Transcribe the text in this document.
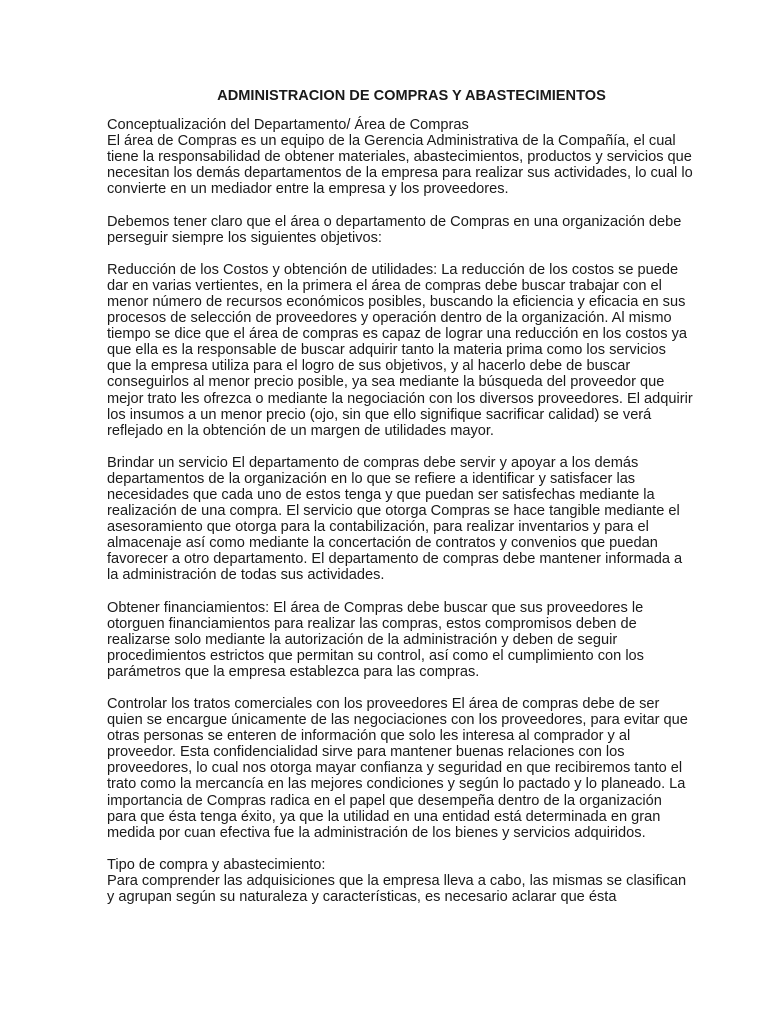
ADMINISTRACION DE COMPRAS Y ABASTECIMIENTOS
Conceptualización del Departamento/ Área de Compras
El área de Compras es un equipo de la Gerencia Administrativa de la Compañía, el cual
tiene la responsabilidad de obtener materiales, abastecimientos, productos y servicios que
necesitan los demás departamentos de la empresa para realizar sus actividades, lo cual lo
convierte en un mediador entre la empresa y los proveedores.
Debemos tener claro que el área o departamento de Compras en una organización debe
perseguir siempre los siguientes objetivos:
Reducción de los Costos y obtención de utilidades: La reducción de los costos se puede
dar en varias vertientes, en la primera el área de compras debe buscar trabajar con el
menor número de recursos económicos posibles, buscando la eficiencia y eficacia en sus
procesos de selección de proveedores y operación dentro de la organización. Al mismo
tiempo se dice que el área de compras es capaz de lograr una reducción en los costos ya
que ella es la responsable de buscar adquirir tanto la materia prima como los servicios
que la empresa utiliza para el logro de sus objetivos, y al hacerlo debe de buscar
conseguirlos al menor precio posible, ya sea mediante la búsqueda del proveedor que
mejor trato les ofrezca o mediante la negociación con los diversos proveedores. El adquirir
los insumos a un menor precio (ojo, sin que ello signifique sacrificar calidad) se verá
reflejado en la obtención de un margen de utilidades mayor.
Brindar un servicio El departamento de compras debe servir y apoyar a los demás
departamentos de la organización en lo que se refiere a identificar y satisfacer las
necesidades que cada uno de estos tenga y que puedan ser satisfechas mediante la
realización de una compra. El servicio que otorga Compras se hace tangible mediante el
asesoramiento que otorga para la contabilización, para realizar inventarios y para el
almacenaje así como mediante la concertación de contratos y convenios que puedan
favorecer a otro departamento. El departamento de compras debe mantener informada a
la administración de todas sus actividades.
Obtener financiamientos: El área de Compras debe buscar que sus proveedores le
otorguen financiamientos para realizar las compras, estos compromisos deben de
realizarse solo mediante la autorización de la administración y deben de seguir
procedimientos estrictos que permitan su control, así como el cumplimiento con los
parámetros que la empresa establezca para las compras.
Controlar los tratos comerciales con los proveedores El área de compras debe de ser
quien se encargue únicamente de las negociaciones con los proveedores, para evitar que
otras personas se enteren de información que solo les interesa al comprador y al
proveedor. Esta confidencialidad sirve para mantener buenas relaciones con los
proveedores, lo cual nos otorga mayar confianza y seguridad en que recibiremos tanto el
trato como la mercancía en las mejores condiciones y según lo pactado y lo planeado. La
importancia de Compras radica en el papel que desempeña dentro de la organización
para que ésta tenga éxito, ya que la utilidad en una entidad está determinada en gran
medida por cuan efectiva fue la administración de los bienes y servicios adquiridos.
Tipo de compra y abastecimiento:
Para comprender las adquisiciones que la empresa lleva a cabo, las mismas se clasifican
y agrupan según su naturaleza y características, es necesario aclarar que ésta
